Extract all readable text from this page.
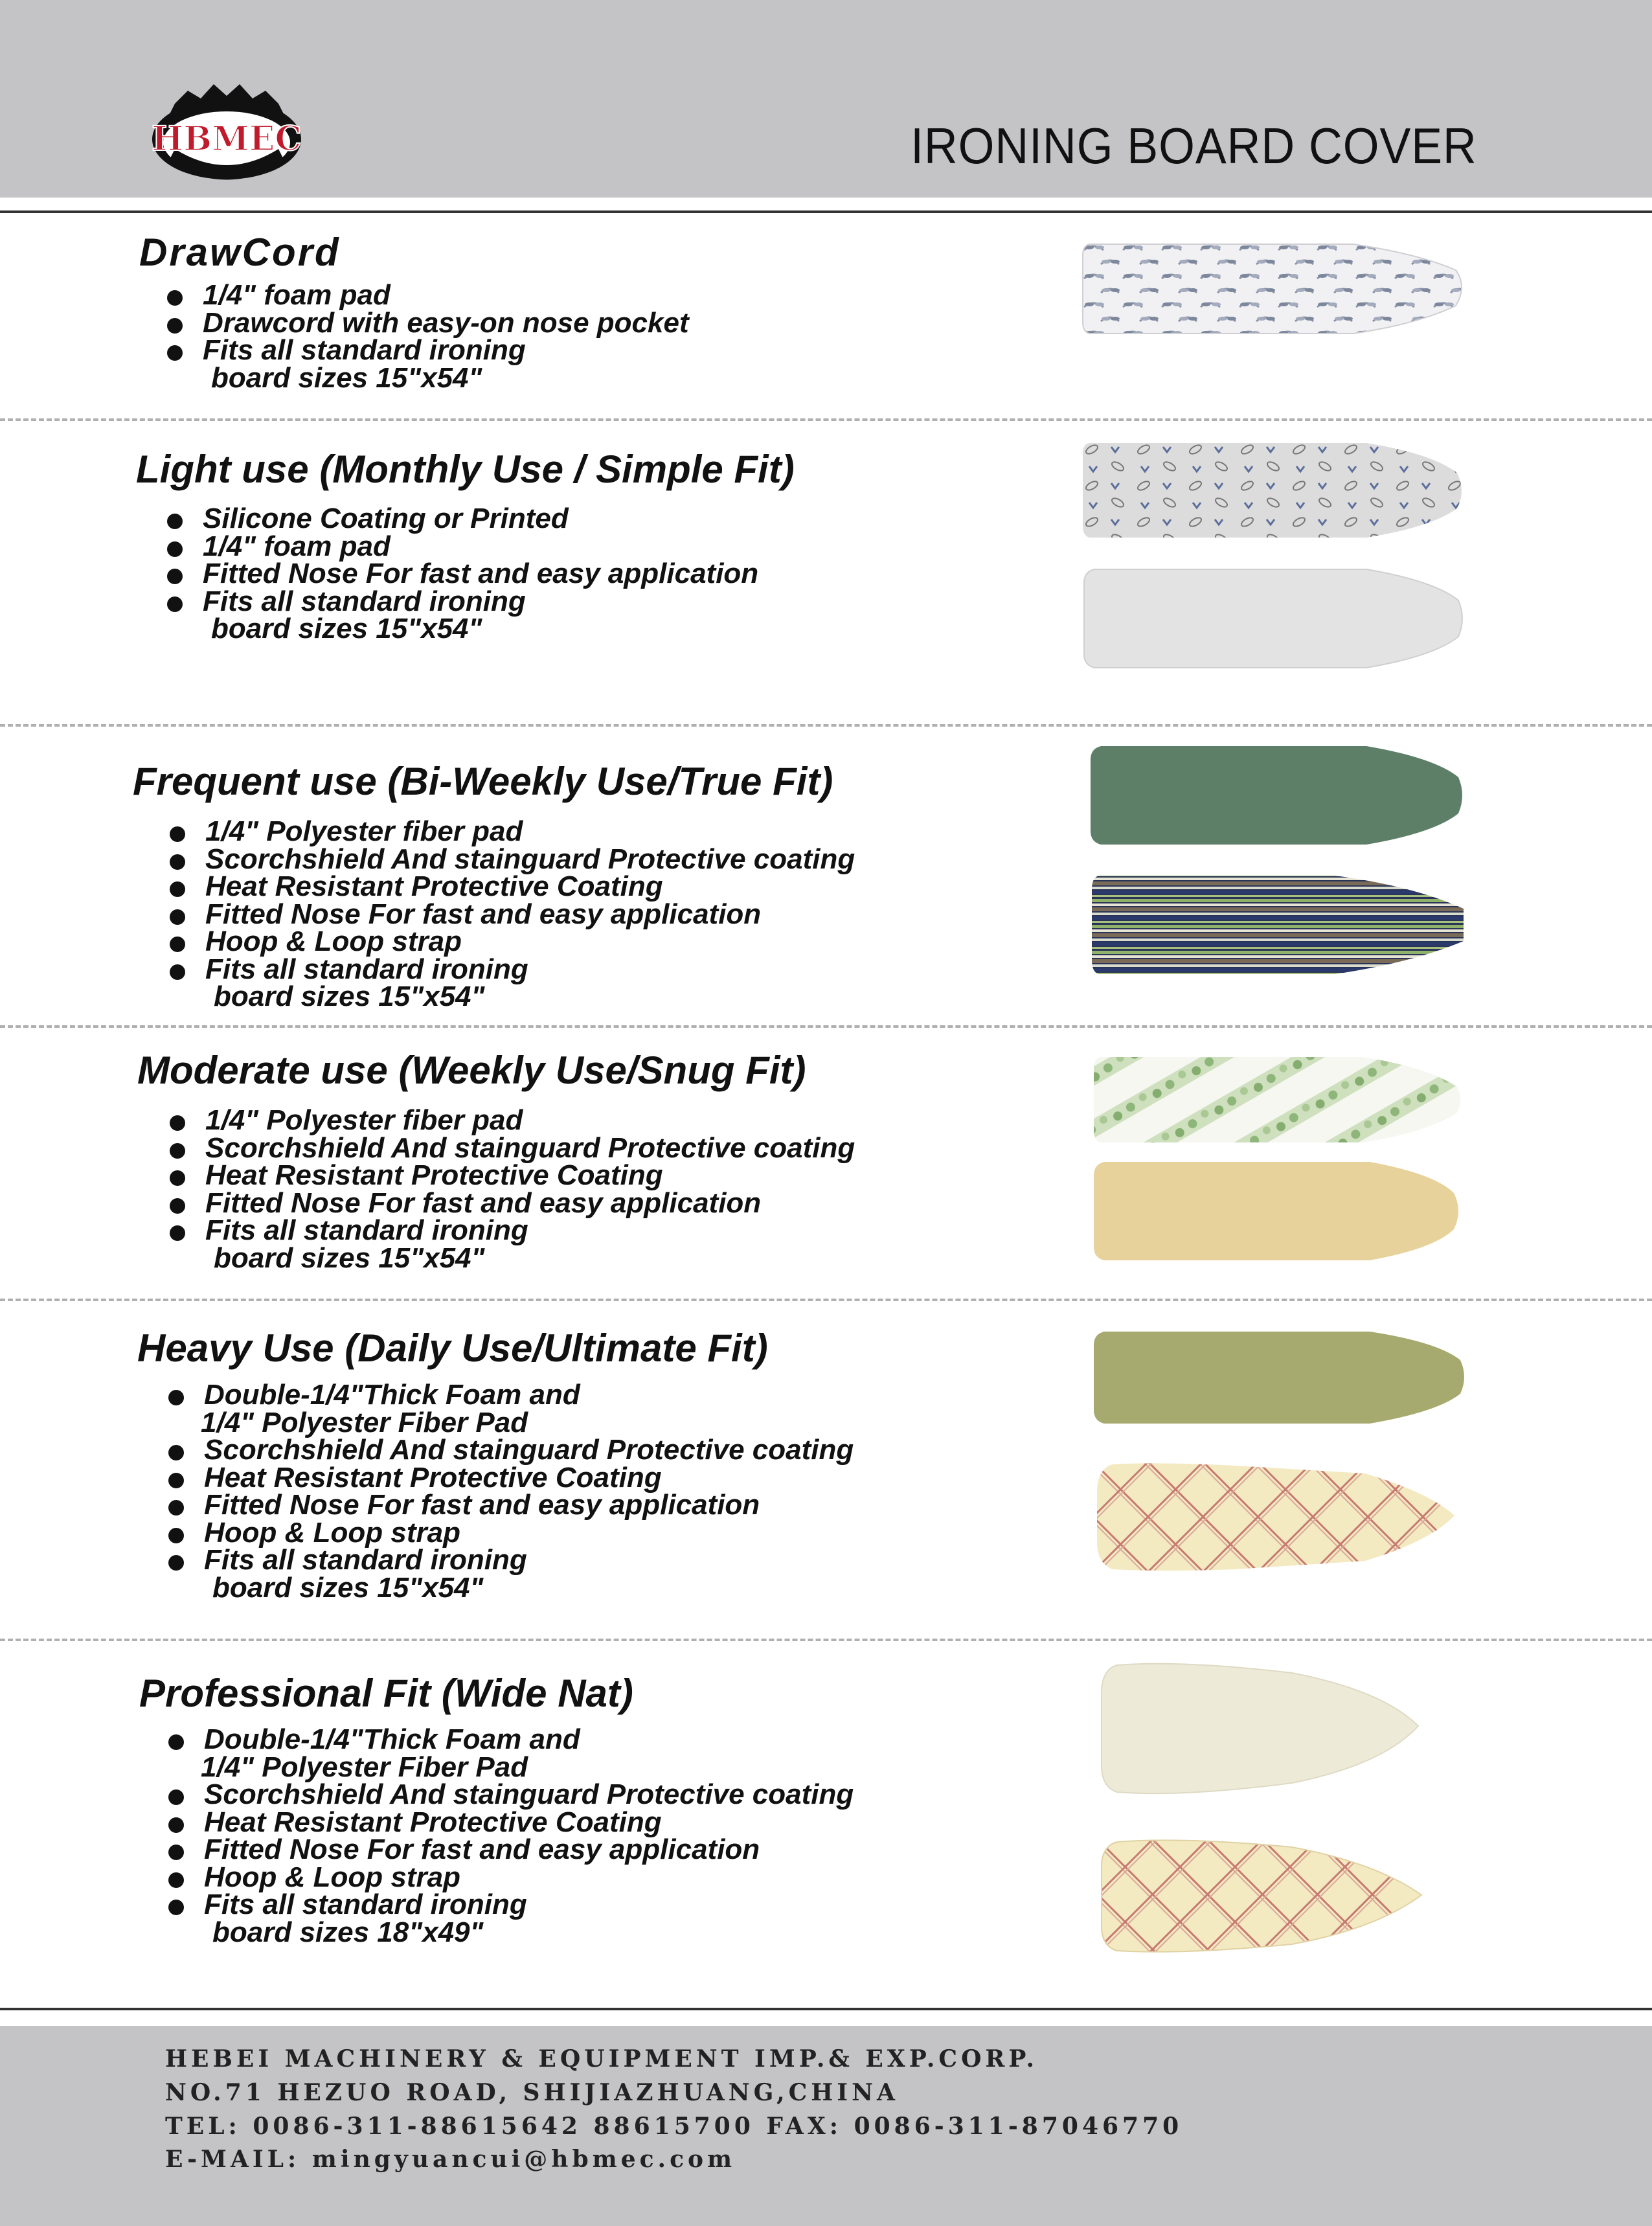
HBMEC	IRONING BOARD COVER
DrawCord
1/4" foam pad
Drawcord with easy-on nose pocket
Fits all standard ironing
board sizes 15"x54"
Light use (Monthly Use / Simple Fit)
Silicone Coating or Printed
1/4" foam pad
Fitted Nose For fast and easy application
Fits all standard ironing
board sizes 15"x54"
Frequent use (Bi-Weekly Use/True Fit)
1/4" Polyester fiber pad
Scorchshield And stainguard Protective coating
Heat Resistant Protective Coating
Fitted Nose For fast and easy application
Hoop & Loop strap
Fits all standard ironing
board sizes 15"x54"
Moderate use (Weekly Use/Snug Fit)
1/4" Polyester fiber pad
Scorchshield And stainguard Protective coating
Heat Resistant Protective Coating
Fitted Nose For fast and easy application
Fits all standard ironing
board sizes 15"x54"
Heavy Use (Daily Use/Ultimate Fit)
Double-1/4"Thick Foam and
1/4" Polyester Fiber Pad
Scorchshield And stainguard Protective coating
Heat Resistant Protective Coating
Fitted Nose For fast and easy application
Hoop & Loop strap
Fits all standard ironing
board sizes 15"x54"
Professional Fit (Wide Nat)
Double-1/4"Thick Foam and
1/4" Polyester Fiber Pad
Scorchshield And stainguard Protective coating
Heat Resistant Protective Coating
Fitted Nose For fast and easy application
Hoop & Loop strap
Fits all standard ironing
board sizes 18"x49"
HEBEI MACHINERY & EQUIPMENT IMP.& EXP.CORP.
NO.71 HEZUO ROAD, SHIJIAZHUANG,CHINA
TEL: 0086-311-88615642 88615700 FAX: 0086-311-87046770
E-MAIL: mingyuancui@hbmec.com
